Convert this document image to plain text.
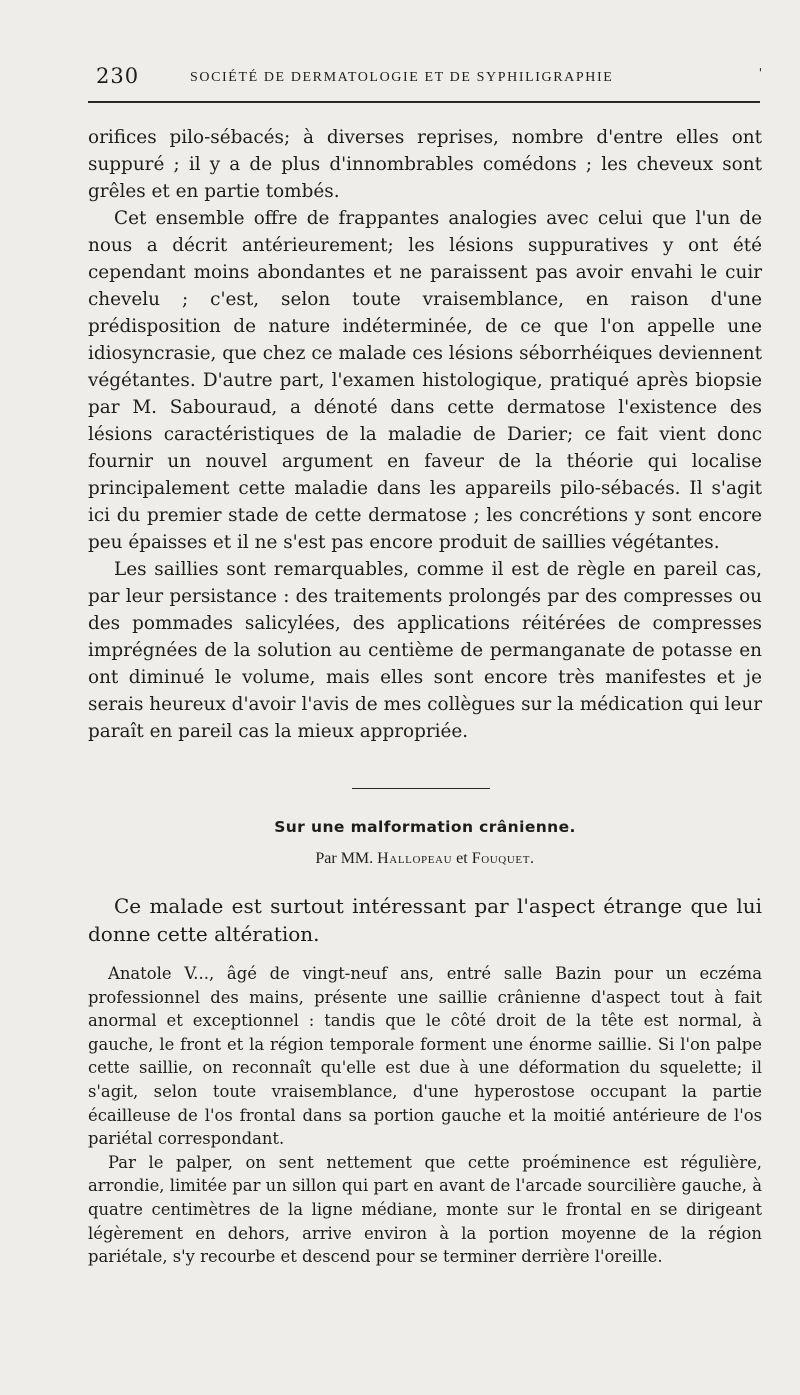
230	SOCIÉTÉ DE DERMATOLOGIE ET DE SYPHILIGRAPHIE	'

orifices pilo-sébacés; à diverses reprises, nombre d'entre elles ont suppuré ; il y a de plus d'innombrables comédons ; les cheveux sont grêles et en partie tombés.

Cet ensemble offre de frappantes analogies avec celui que l'un de nous a décrit antérieurement; les lésions suppuratives y ont été cependant moins abondantes et ne paraissent pas avoir envahi le cuir chevelu ; c'est, selon toute vraisemblance, en raison d'une prédisposition de nature indéterminée, de ce que l'on appelle une idiosyncrasie, que chez ce malade ces lésions séborrhéiques deviennent végétantes. D'autre part, l'examen histologique, pratiqué après biopsie par M. Sabouraud, a dénoté dans cette dermatose l'existence des lésions caractéristiques de la maladie de Darier; ce fait vient donc fournir un nouvel argument en faveur de la théorie qui localise principalement cette maladie dans les appareils pilo-sébacés. Il s'agit ici du premier stade de cette dermatose ; les concrétions y sont encore peu épaisses et il ne s'est pas encore produit de saillies végétantes.

Les saillies sont remarquables, comme il est de règle en pareil cas, par leur persistance : des traitements prolongés par des compresses ou des pommades salicylées, des applications réitérées de compresses imprégnées de la solution au centième de permanganate de potasse en ont diminué le volume, mais elles sont encore très manifestes et je serais heureux d'avoir l'avis de mes collègues sur la médication qui leur paraît en pareil cas la mieux appropriée.

Sur une malformation crânienne.
Par MM. Hallopeau et Fouquet.

Ce malade est surtout intéressant par l'aspect étrange que lui donne cette altération.

Anatole V..., âgé de vingt-neuf ans, entré salle Bazin pour un eczéma professionnel des mains, présente une saillie crânienne d'aspect tout à fait anormal et exceptionnel : tandis que le côté droit de la tête est normal, à gauche, le front et la région temporale forment une énorme saillie. Si l'on palpe cette saillie, on reconnaît qu'elle est due à une déformation du squelette; il s'agit, selon toute vraisemblance, d'une hyperostose occupant la partie écailleuse de l'os frontal dans sa portion gauche et la moitié antérieure de l'os pariétal correspondant.

Par le palper, on sent nettement que cette proéminence est régulière, arrondie, limitée par un sillon qui part en avant de l'arcade sourcilière gauche, à quatre centimètres de la ligne médiane, monte sur le frontal en se dirigeant légèrement en dehors, arrive environ à la portion moyenne de la région pariétale, s'y recourbe et descend pour se terminer derrière l'oreille.
